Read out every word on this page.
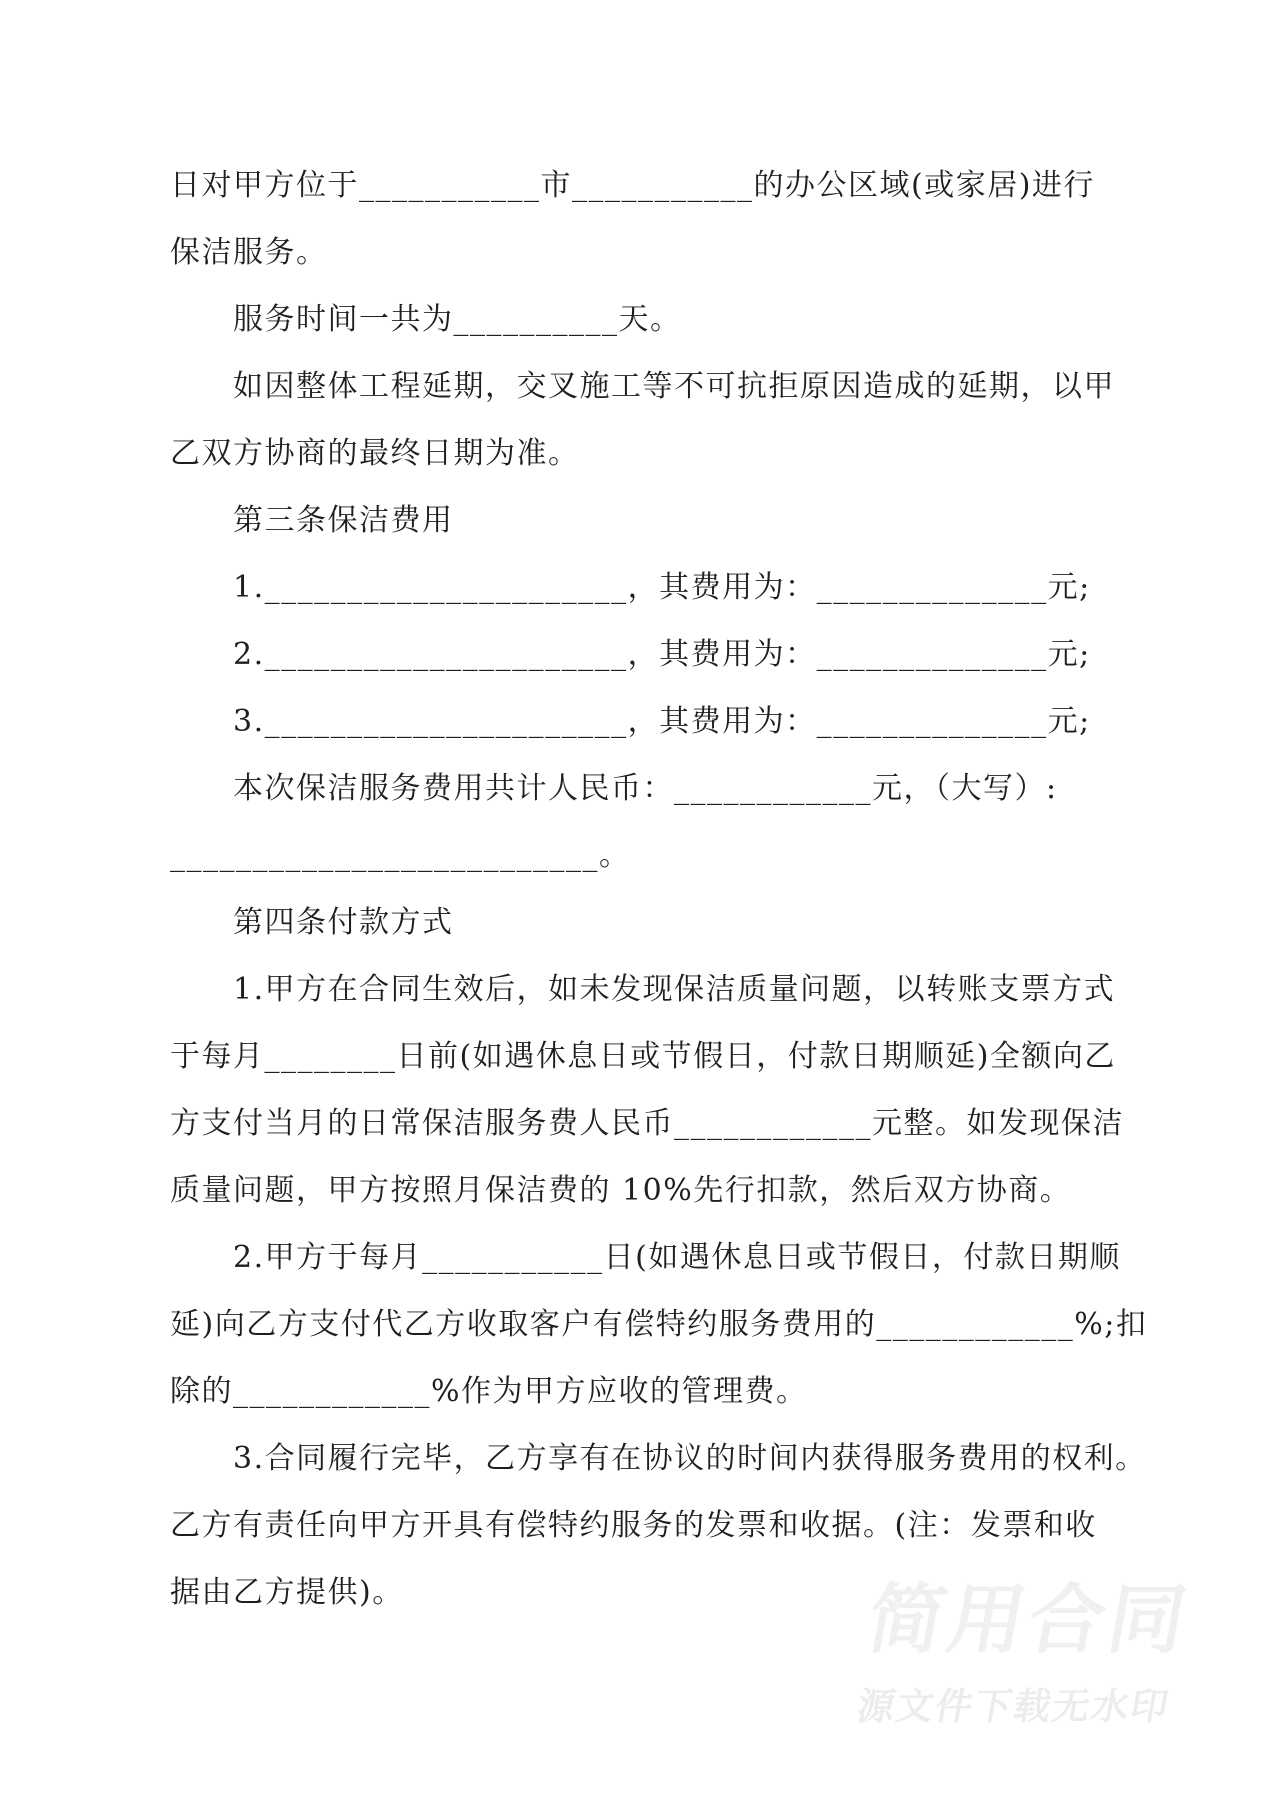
日对甲方位于___________市___________的办公区域(或家居)进行
保洁服务。
　　服务时间一共为__________天。
　　如因整体工程延期，交叉施工等不可抗拒原因造成的延期，以甲
乙双方协商的最终日期为准。
　　第三条保洁费用
　　1.______________________，其费用为：______________元;
　　2.______________________，其费用为：______________元;
　　3.______________________，其费用为：______________元;
　　本次保洁服务费用共计人民币：____________元，（大写）:
__________________________。
　　第四条付款方式
　　1.甲方在合同生效后，如未发现保洁质量问题，以转账支票方式
于每月________日前(如遇休息日或节假日，付款日期顺延)全额向乙
方支付当月的日常保洁服务费人民币____________元整。如发现保洁
质量问题，甲方按照月保洁费的 10%先行扣款，然后双方协商。
　　2.甲方于每月___________日(如遇休息日或节假日，付款日期顺
延)向乙方支付代乙方收取客户有偿特约服务费用的____________%;扣
除的____________%作为甲方应收的管理费。
　　3.合同履行完毕，乙方享有在协议的时间内获得服务费用的权利。
乙方有责任向甲方开具有偿特约服务的发票和收据。(注：发票和收
据由乙方提供)。	简用合同
源文件下载无水印
